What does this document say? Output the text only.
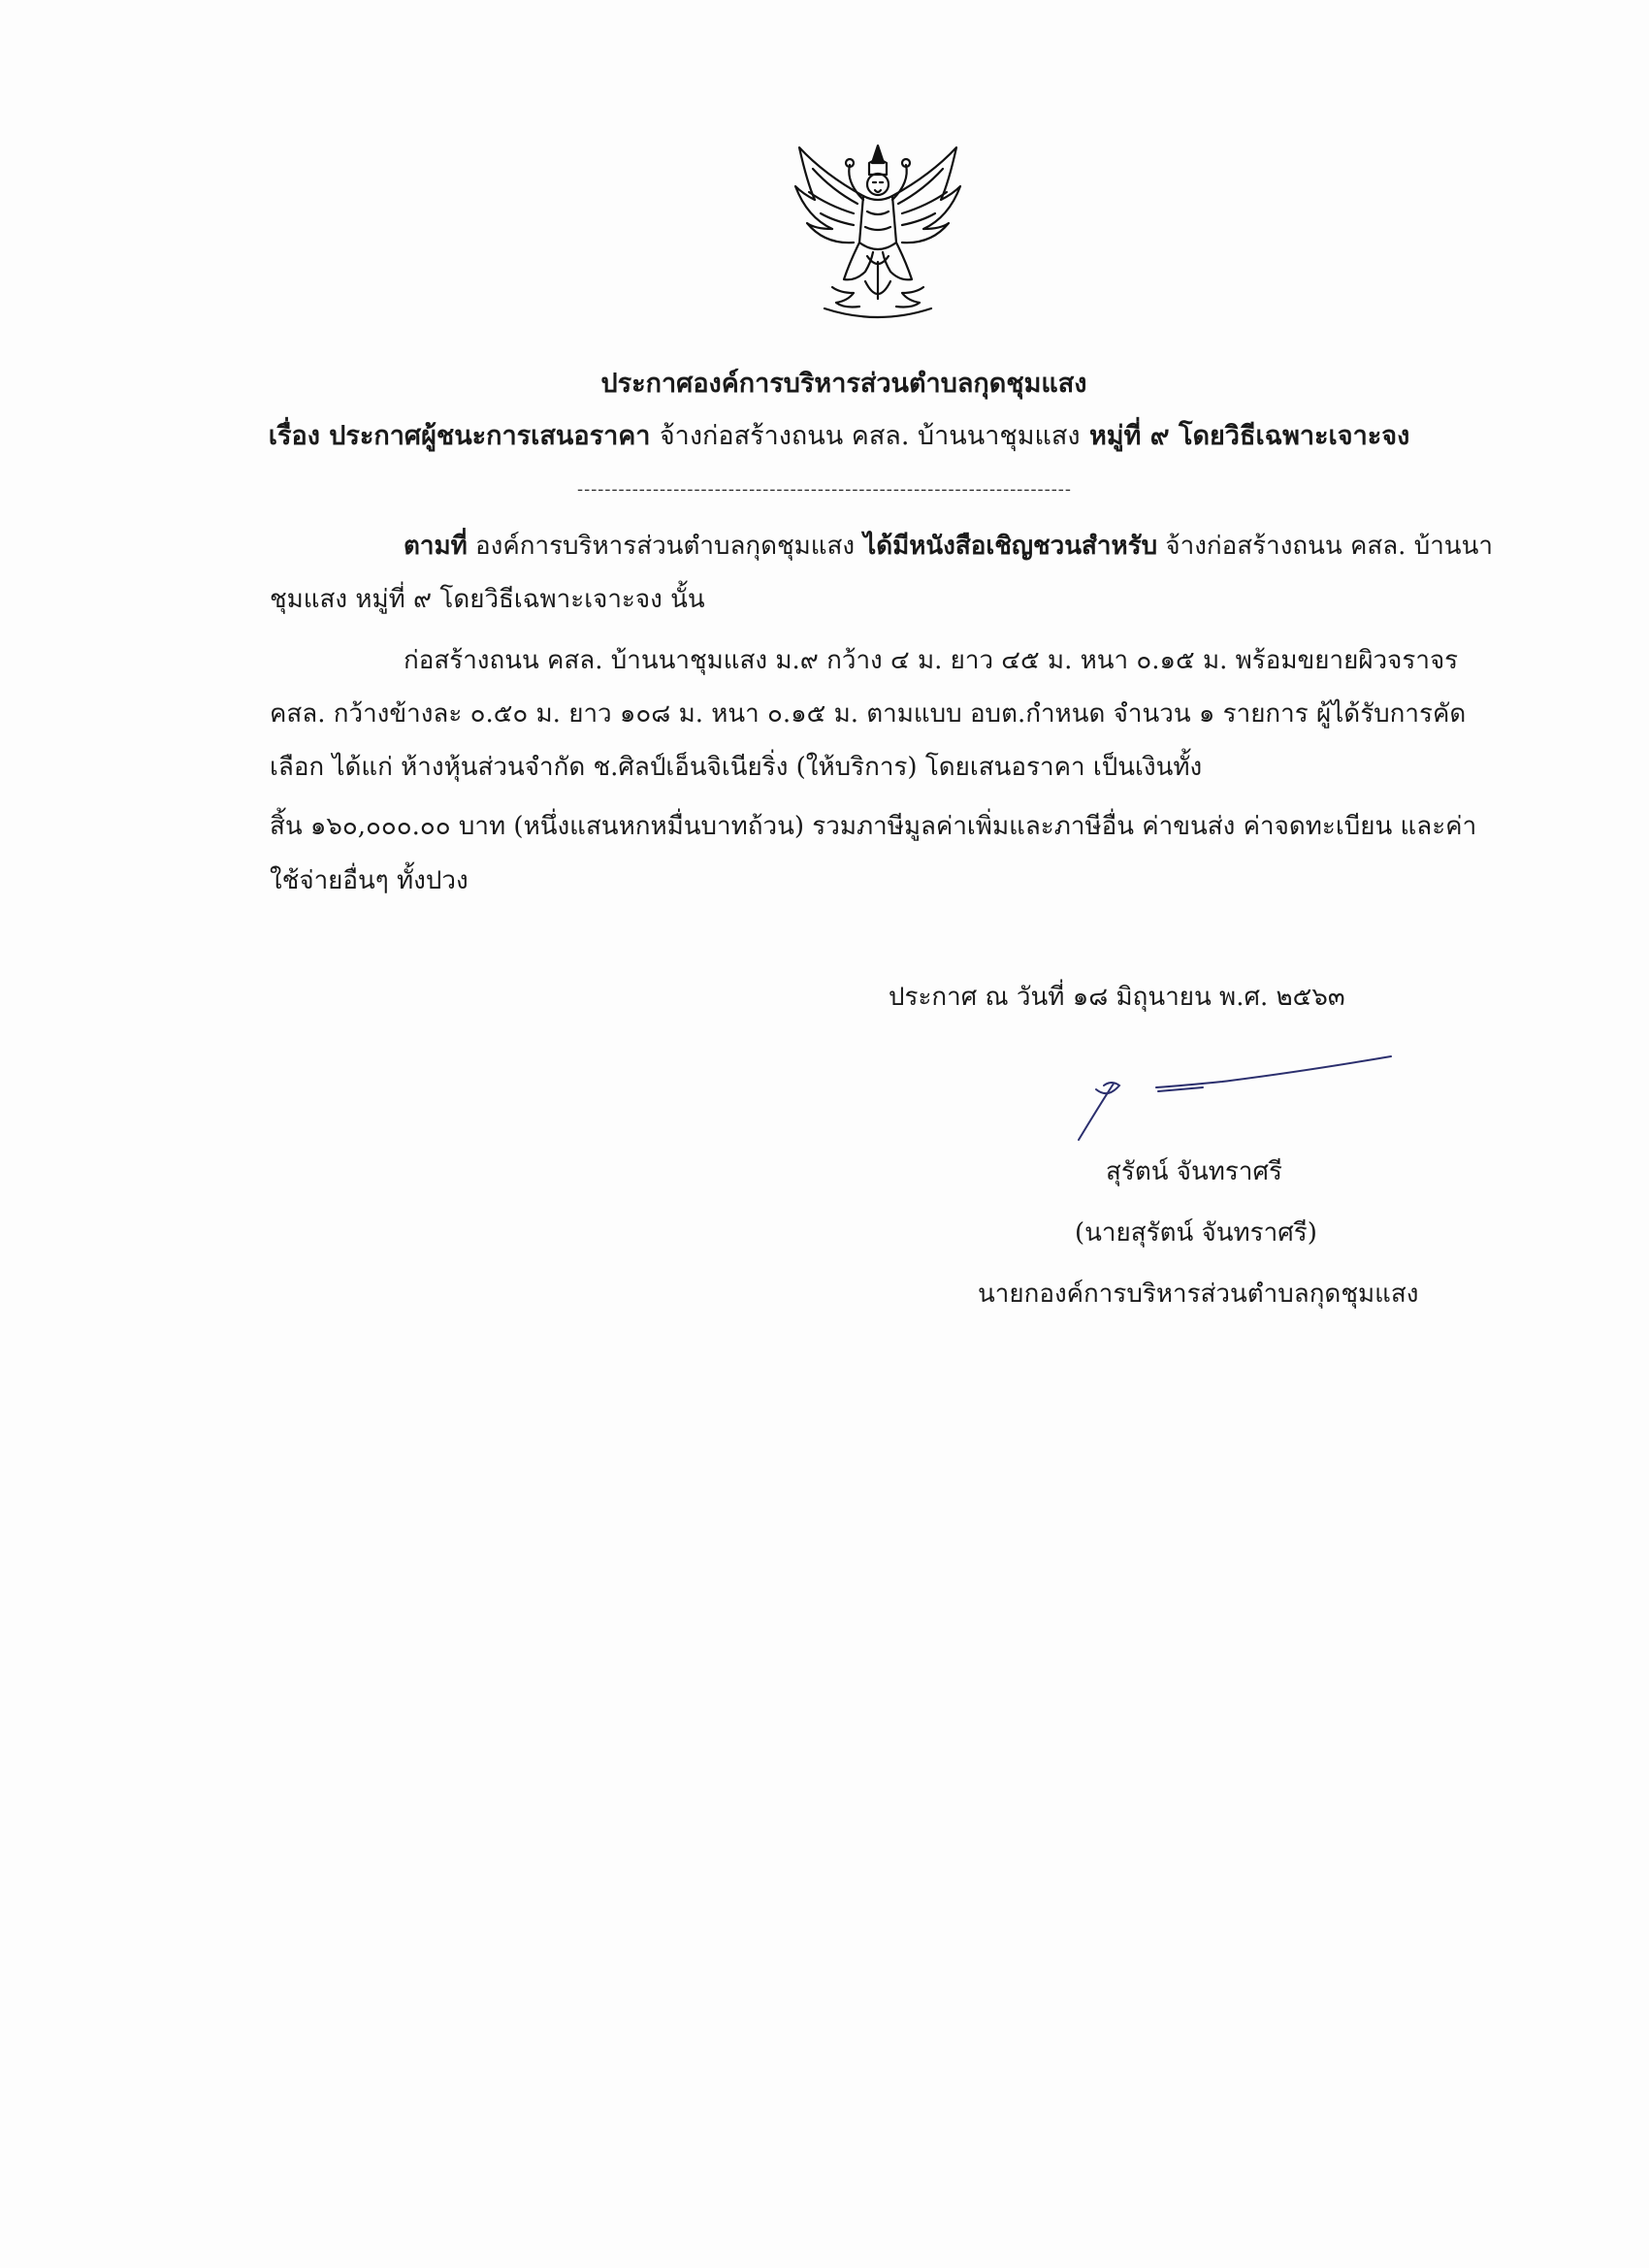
ประกาศองค์การบริหารส่วนตำบลกุดชุมแสง
เรื่อง ประกาศผู้ชนะการเสนอราคา จ้างก่อสร้างถนน คสล. บ้านนาชุมแสง หมู่ที่ ๙ โดยวิธีเฉพาะเจาะจง
------------------------------------------------------------------------
ตามที่ องค์การบริหารส่วนตำบลกุดชุมแสง ได้มีหนังสือเชิญชวนสำหรับ จ้างก่อสร้างถนน คสล. บ้านนา
ชุมแสง หมู่ที่ ๙ โดยวิธีเฉพาะเจาะจง นั้น
ก่อสร้างถนน คสล. บ้านนาชุมแสง ม.๙ กว้าง ๔ ม. ยาว ๔๕ ม. หนา ๐.๑๕ ม. พร้อมขยายผิวจราจร
คสล. กว้างข้างละ ๐.๕๐ ม. ยาว ๑๐๘ ม. หนา ๐.๑๕ ม. ตามแบบ อบต.กำหนด จำนวน ๑ รายการ ผู้ได้รับการคัด
เลือก ได้แก่ ห้างหุ้นส่วนจำกัด ช.ศิลป์เอ็นจิเนียริ่ง (ให้บริการ) โดยเสนอราคา เป็นเงินทั้ง
สิ้น ๑๖๐,๐๐๐.๐๐ บาท (หนึ่งแสนหกหมื่นบาทถ้วน) รวมภาษีมูลค่าเพิ่มและภาษีอื่น ค่าขนส่ง ค่าจดทะเบียน และค่า
ใช้จ่ายอื่นๆ ทั้งปวง
ประกาศ ณ วันที่ ๑๘ มิถุนายน พ.ศ. ๒๕๖๓
สุรัตน์ จันทราศรี
(นายสุรัตน์ จันทราศรี)
นายกองค์การบริหารส่วนตำบลกุดชุมแสง
